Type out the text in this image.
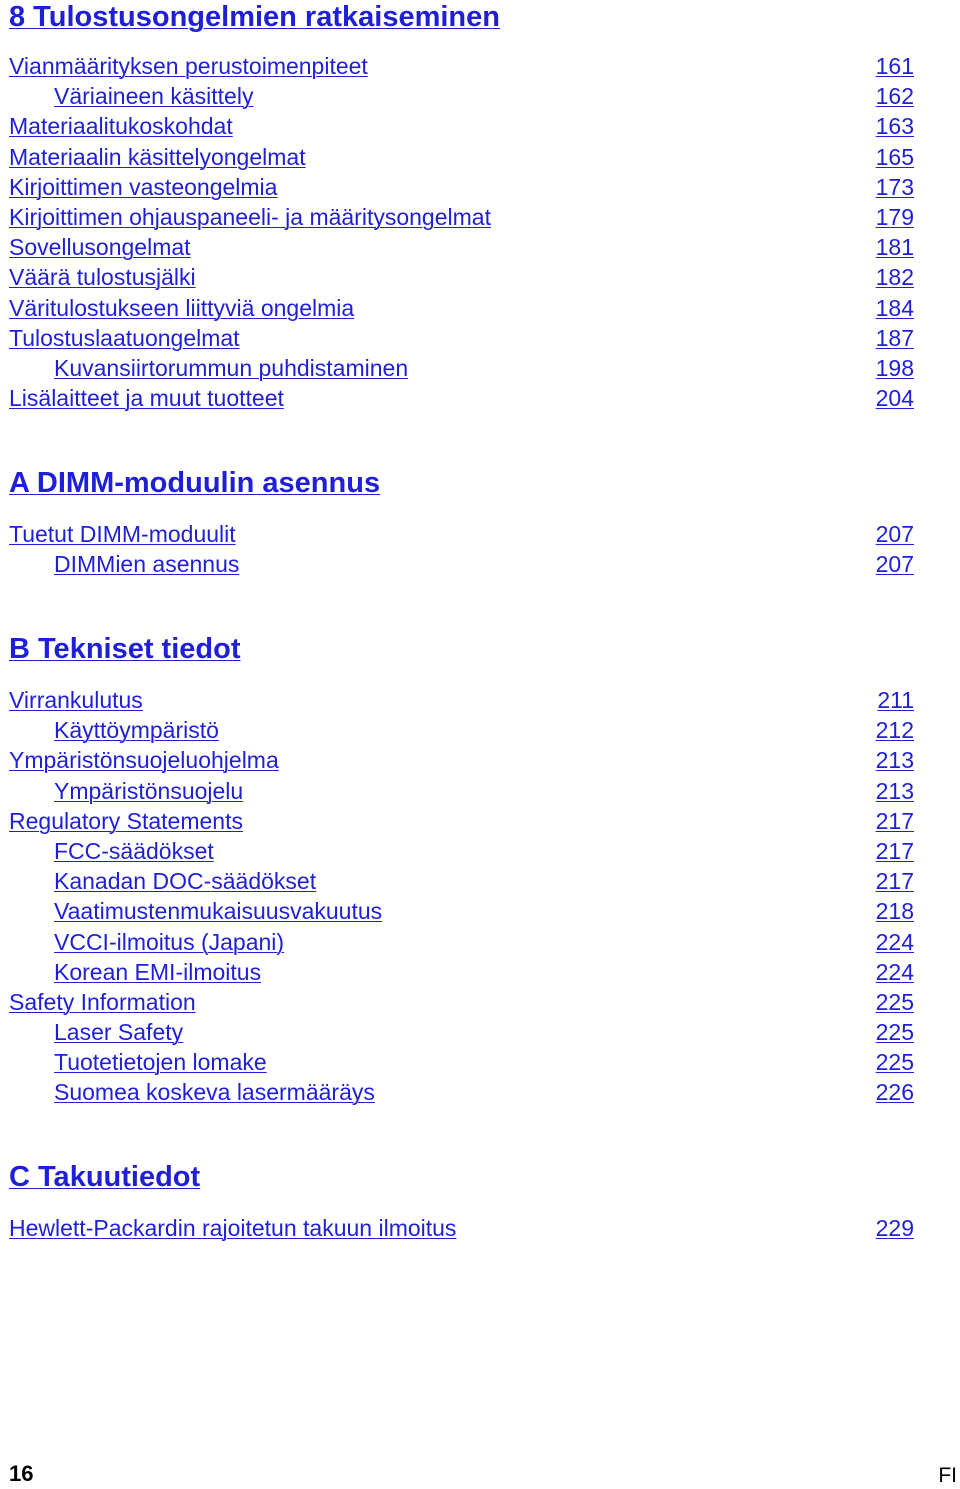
8 Tulostusongelmien ratkaiseminen
Vianmäärityksen perustoimenpiteet	161
Väriaineen käsittely	162
Materiaalitukoskohdat	163
Materiaalin käsittelyongelmat	165
Kirjoittimen vasteongelmia	173
Kirjoittimen ohjauspaneeli- ja määritysongelmat	179
Sovellusongelmat	181
Väärä tulostusjälki	182
Väritulostukseen liittyviä ongelmia	184
Tulostuslaatuongelmat	187
Kuvansiirtorummun puhdistaminen	198
Lisälaitteet ja muut tuotteet	204
A DIMM-moduulin asennus
Tuetut DIMM-moduulit	207
DIMMien asennus	207
B Tekniset tiedot
Virrankulutus	211
Käyttöympäristö	212
Ympäristönsuojeluohjelma	213
Ympäristönsuojelu	213
Regulatory Statements	217
FCC-säädökset	217
Kanadan DOC-säädökset	217
Vaatimustenmukaisuusvakuutus	218
VCCI-ilmoitus (Japani)	224
Korean EMI-ilmoitus	224
Safety Information	225
Laser Safety	225
Tuotetietojen lomake	225
Suomea koskeva lasermääräys	226
C Takuutiedot
Hewlett-Packardin rajoitetun takuun ilmoitus	229
16	FI
